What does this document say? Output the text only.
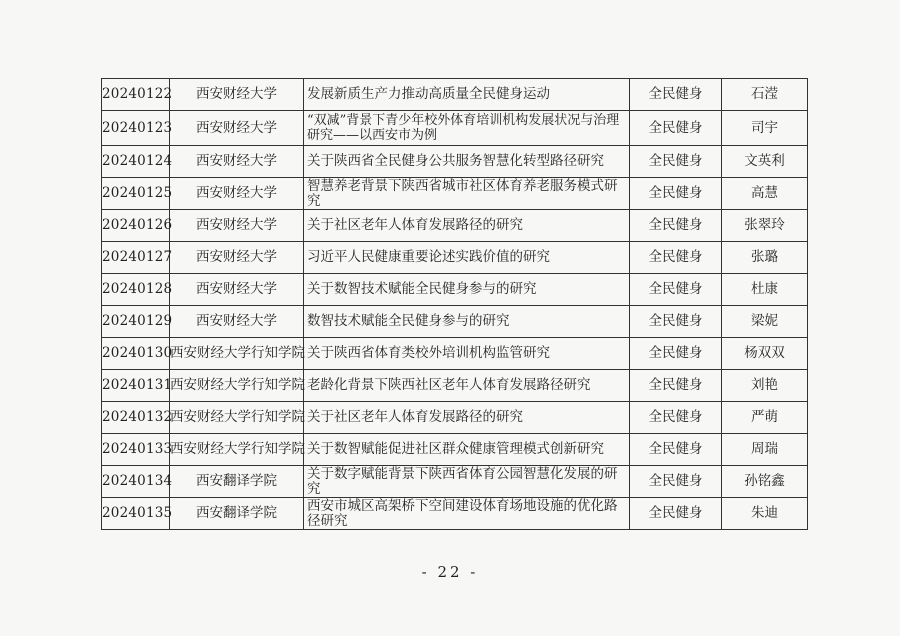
20240122	西安财经大学	发展新质生产力推动高质量全民健身运动	全民健身	石滢
20240123	西安财经大学	“双减”背景下青少年校外体育培训机构发展状况与治理研究——以西安市为例	全民健身	司宇
20240124	西安财经大学	关于陕西省全民健身公共服务智慧化转型路径研究	全民健身	文英利
20240125	西安财经大学	智慧养老背景下陕西省城市社区体育养老服务模式研究	全民健身	高慧
20240126	西安财经大学	关于社区老年人体育发展路径的研究	全民健身	张翠玲
20240127	西安财经大学	习近平人民健康重要论述实践价值的研究	全民健身	张璐
20240128	西安财经大学	关于数智技术赋能全民健身参与的研究	全民健身	杜康
20240129	西安财经大学	数智技术赋能全民健身参与的研究	全民健身	梁妮
20240130	西安财经大学行知学院	关于陕西省体育类校外培训机构监管研究	全民健身	杨双双
20240131	西安财经大学行知学院	老龄化背景下陕西社区老年人体育发展路径研究	全民健身	刘艳
20240132	西安财经大学行知学院	关于社区老年人体育发展路径的研究	全民健身	严萌
20240133	西安财经大学行知学院	关于数智赋能促进社区群众健康管理模式创新研究	全民健身	周瑞
20240134	西安翻译学院	关于数字赋能背景下陕西省体育公园智慧化发展的研究	全民健身	孙铭鑫
20240135	西安翻译学院	西安市城区高架桥下空间建设体育场地设施的优化路径研究	全民健身	朱迪
- 22 -
